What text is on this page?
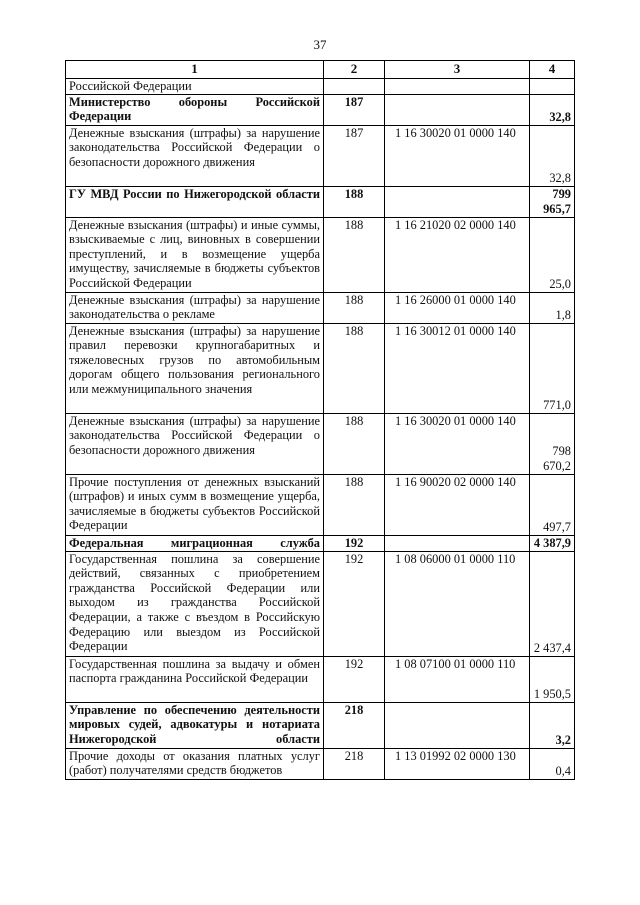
37
1	2	3	4
Российской Федерации			
Министерство обороны Российской Федерации	187		32,8
Денежные взыскания (штрафы) за нарушение законодательства Российской Федерации о безопасности дорожного движения	187	1 16 30020 01 0000 140	32,8
ГУ МВД России по Нижегородской области	188		799 965,7
Денежные взыскания (штрафы) и иные суммы, взыскиваемые с лиц, виновных в совершении преступлений, и в возмещение ущерба имуществу, зачисляемые в бюджеты субъектов Российской Федерации	188	1 16 21020 02 0000 140	25,0
Денежные взыскания (штрафы) за нарушение законодательства о рекламе	188	1 16 26000 01 0000 140	1,8
Денежные взыскания (штрафы) за нарушение правил перевозки крупногабаритных и тяжеловесных грузов по автомобильным дорогам общего пользования регионального или межмуниципального значения	188	1 16 30012 01 0000 140	771,0
Денежные взыскания (штрафы) за нарушение законодательства Российской Федерации о безопасности дорожного движения	188	1 16 30020 01 0000 140	798 670,2
Прочие поступления от денежных взысканий (штрафов) и иных сумм в возмещение ущерба, зачисляемые в бюджеты субъектов Российской Федерации	188	1 16 90020 02 0000 140	497,7
Федеральная миграционная служба	192		4 387,9
Государственная пошлина за совершение действий, связанных с приобретением гражданства Российской Федерации или выходом из гражданства Российской Федерации, а также с въездом в Российскую Федерацию или выездом из Российской Федерации	192	1 08 06000 01 0000 110	2 437,4
Государственная пошлина за выдачу и обмен паспорта гражданина Российской Федерации	192	1 08 07100 01 0000 110	1 950,5
Управление по обеспечению деятельности мировых судей, адвокатуры и нотариата Нижегородской области	218		3,2
Прочие доходы от оказания платных услуг (работ) получателями средств бюджетов	218	1 13 01992 02 0000 130	0,4
